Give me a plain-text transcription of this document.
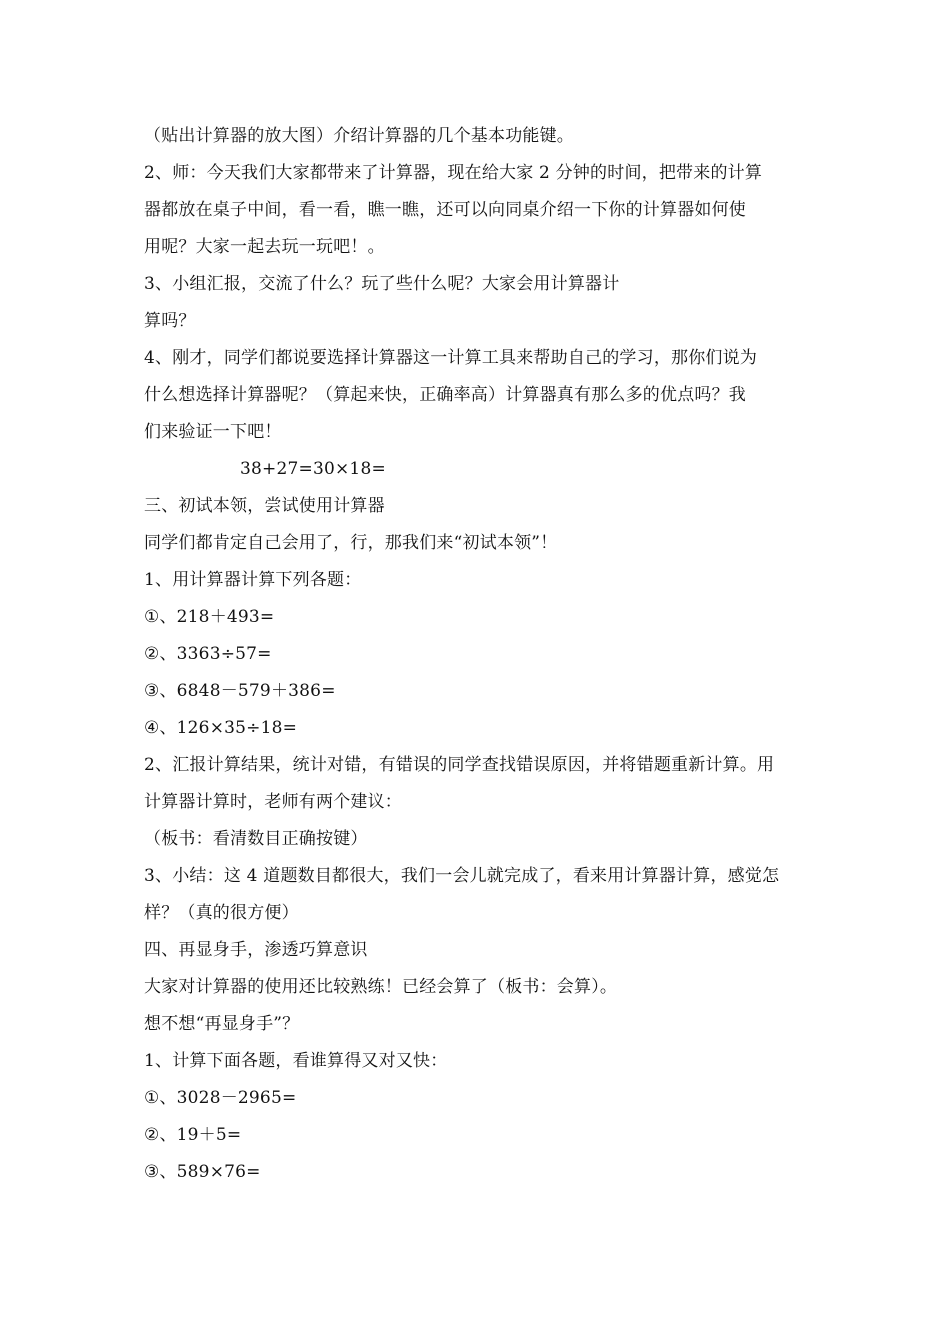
（贴出计算器的放大图）介绍计算器的几个基本功能键。
2、师：今天我们大家都带来了计算器，现在给大家 2 分钟的时间，把带来的计算
器都放在桌子中间，看一看，瞧一瞧，还可以向同桌介绍一下你的计算器如何使
用呢？大家一起去玩一玩吧！。
3、小组汇报，交流了什么？玩了些什么呢？大家会用计算器计
算吗？
4、刚才，同学们都说要选择计算器这一计算工具来帮助自己的学习，那你们说为
什么想选择计算器呢？（算起来快，正确率高）计算器真有那么多的优点吗？我
们来验证一下吧！
38+27=30×18=
三、初试本领，尝试使用计算器
同学们都肯定自己会用了，行，那我们来“初试本领”！
1、用计算器计算下列各题：
①、218＋493=
②、3363÷57=
③、6848－579＋386=
④、126×35÷18=
2、汇报计算结果，统计对错，有错误的同学查找错误原因，并将错题重新计算。用
计算器计算时，老师有两个建议：
（板书：看清数目正确按键）
3、小结：这 4 道题数目都很大，我们一会儿就完成了，看来用计算器计算，感觉怎
样？（真的很方便）
四、再显身手，渗透巧算意识
大家对计算器的使用还比较熟练！已经会算了（板书：会算）。
想不想“再显身手”？
1、计算下面各题，看谁算得又对又快：
①、3028－2965=
②、19＋5=
③、589×76=
